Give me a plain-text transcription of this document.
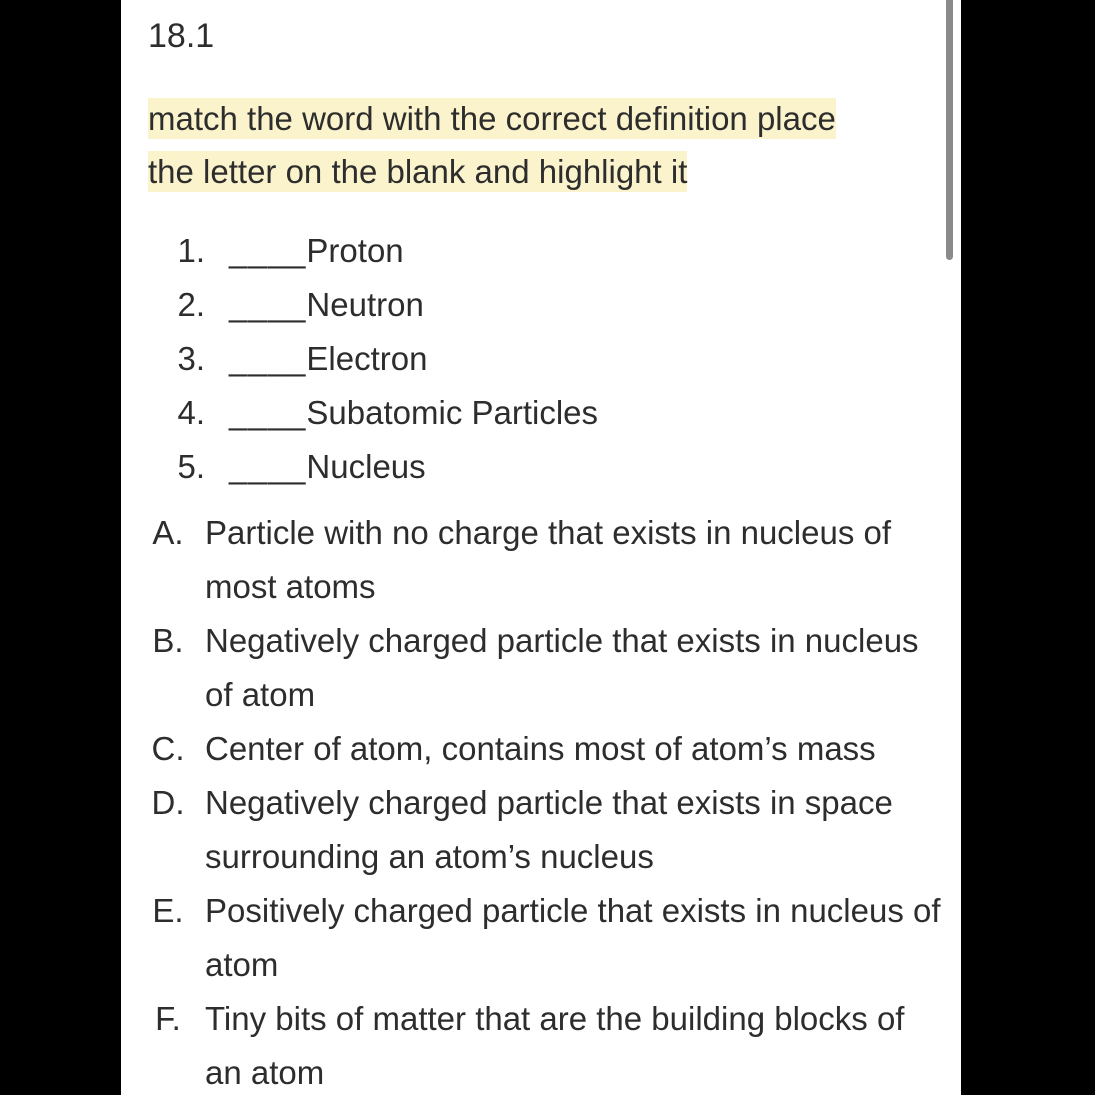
18.1
match the word with the correct definition place
the letter on the blank and highlight it
1. ____Proton
2. ____Neutron
3. ____Electron
4. ____Subatomic Particles
5. ____Nucleus
A. Particle with no charge that exists in nucleus of most atoms
B. Negatively charged particle that exists in nucleus of atom
C. Center of atom, contains most of atom’s mass
D. Negatively charged particle that exists in space surrounding an atom’s nucleus
E. Positively charged particle that exists in nucleus of atom
F. Tiny bits of matter that are the building blocks of an atom
